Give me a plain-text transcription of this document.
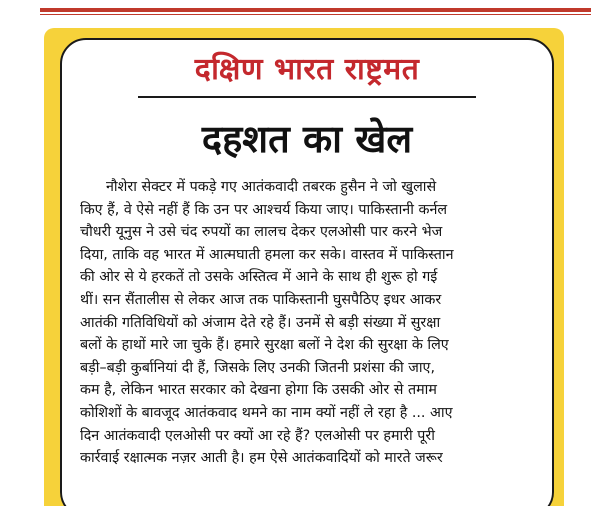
दक्षिण भारत राष्ट्रमत
दहशत का खेल
नौशेरा सेक्टर में पकड़े गए आतंकवादी तबरक हुसैन ने जो खुलासे
किए हैं, वे ऐसे नहीं हैं कि उन पर आश्चर्य किया जाए। पाकिस्तानी कर्नल
चौधरी यूनुस ने उसे चंद रुपयों का लालच देकर एलओसी पार करने भेज
दिया, ताकि वह भारत में आत्मघाती हमला कर सके। वास्तव में पाकिस्तान
की ओर से ये हरकतें तो उसके अस्तित्व में आने के साथ ही शुरू हो गई
थीं। सन सैंतालीस से लेकर आज तक पाकिस्तानी घुसपैठिए इधर आकर
आतंकी गतिविधियों को अंजाम देते रहे हैं। उनमें से बड़ी संख्या में सुरक्षा
बलों के हाथों मारे जा चुके हैं। हमारे सुरक्षा बलों ने देश की सुरक्षा के लिए
बड़ी–बड़ी कुर्बानियां दी हैं, जिसके लिए उनकी जितनी प्रशंसा की जाए,
कम है, लेकिन भारत सरकार को देखना होगा कि उसकी ओर से तमाम
कोशिशों के बावजूद आतंकवाद थमने का नाम क्यों नहीं ले रहा है ... आए
दिन आतंकवादी एलओसी पर क्यों आ रहे हैं? एलओसी पर हमारी पूरी
कार्रवाई रक्षात्मक नज़र आती है। हम ऐसे आतंकवादियों को मारते जरूर
